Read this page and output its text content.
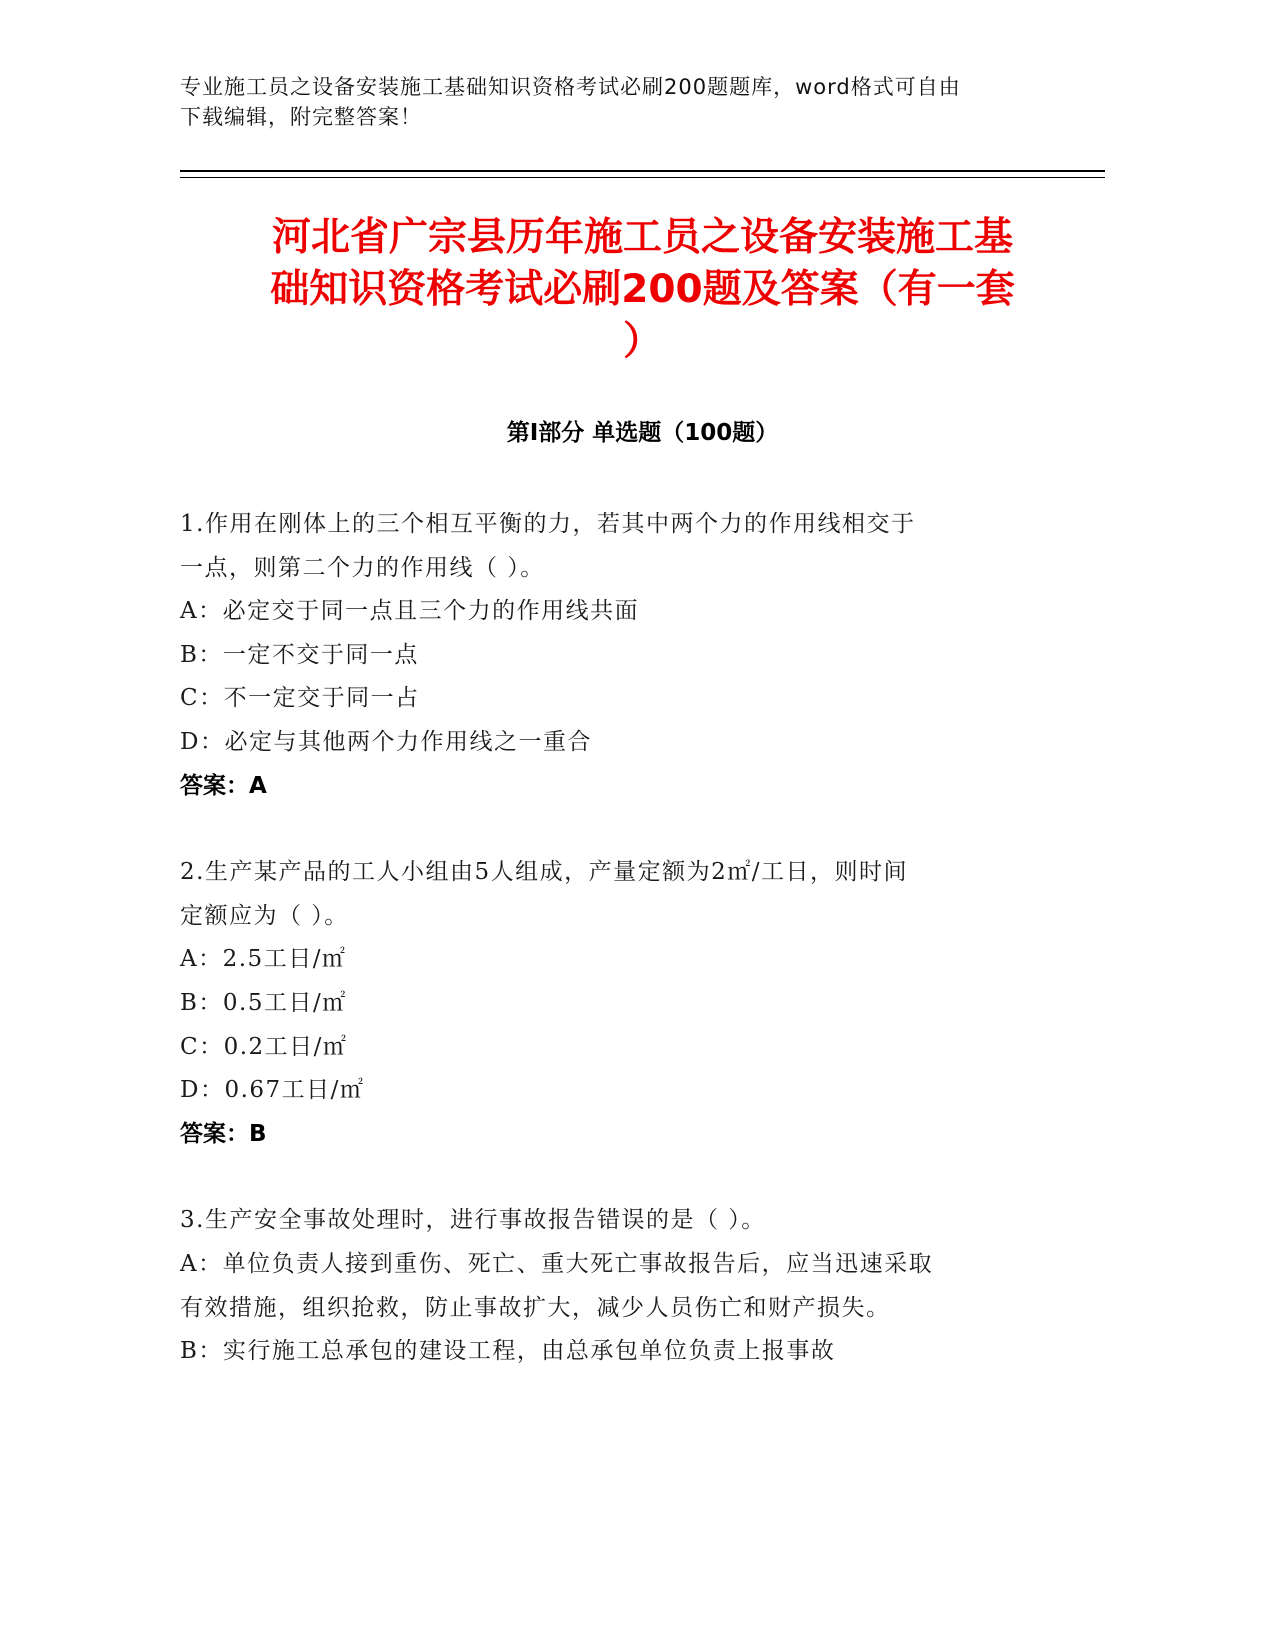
专业施工员之设备安装施工基础知识资格考试必刷200题题库，word格式可自由
下载编辑，附完整答案！
河北省广宗县历年施工员之设备安装施工基
础知识资格考试必刷200题及答案（有一套
）
第I部分 单选题（100题）
1.作用在刚体上的三个相互平衡的力，若其中两个力的作用线相交于
一点，则第二个力的作用线（ ）。
A：必定交于同一点且三个力的作用线共面
B：一定不交于同一点
C：不一定交于同一占
D：必定与其他两个力作用线之一重合
答案：A
2.生产某产品的工人小组由5人组成，产量定额为2㎡/工日，则时间
定额应为（ ）。
A：2.5工日/㎡
B：0.5工日/㎡
C：0.2工日/㎡
D：0.67工日/㎡
答案：B
3.生产安全事故处理时，进行事故报告错误的是（ ）。
A：单位负责人接到重伤、死亡、重大死亡事故报告后，应当迅速采取
有效措施，组织抢救，防止事故扩大，减少人员伤亡和财产损失。
B：实行施工总承包的建设工程，由总承包单位负责上报事故
